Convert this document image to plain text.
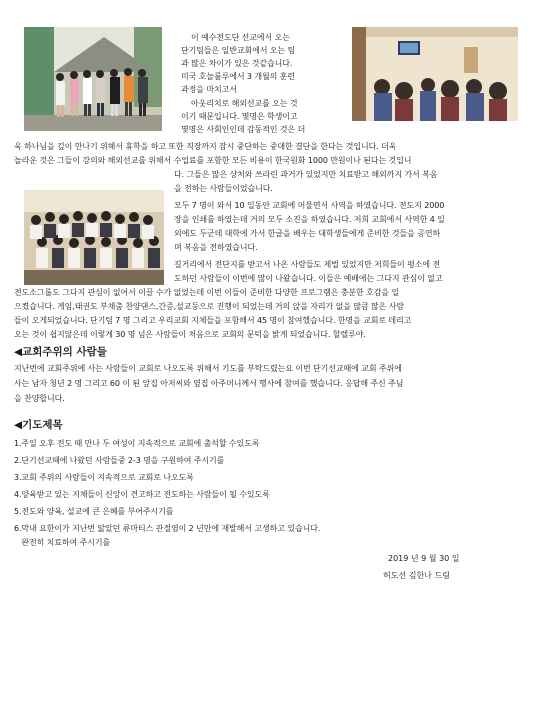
이 예수전도단 선교에서 오는
단기팀들은 일반교회에서 오는 팀
과 많은 차이가 있은 것같습니다.
미국 호놀룰루에서 3 개월의 훈련
과정을 마치고서
아웃리치로 해외선교를 오는 것
이기 때문입니다. 몇명은 학생이고
몇명은 사회인인데 감동적인 것은 더
욱 하나님을 깊이 만나기 위해서 휴학을 하고 또한 직장까지 잠시 중단하는 중대한 결단을 한다는 것입니다. 더욱
놀라운 것은 그들이 강의와 해외선교를 위해서 수업료를 포함한 모든 비용이 한국원화 1000 만원이나 된다는 것입니
다. 그들은 많은 상처와 쓰라린 과거가 있었지만 치료받고 해외까지 가서 복음
을 전하는 사람들이었습니다.
모두 7 명이 와서 10 일동안 교회에 머물면서 사역을 하였습니다. 전도지 2000
장을 인쇄를 하였는데 거의 모두 소진을 하였습니다. 저희 교회에서 사역한 4 일
외에도 두군데 대학에 가서 한글을 배우는 대학생들에게 준비한 것들을 공연하
며 복음을 전하였습니다.
길거리에서 전단지를 받고서 나온 사람들도 제법 있었지만 저희들이 평소에 전
도하던 사람들이 이번에 많이 나왔습니다. 이들은 예배에는 그다지 관심이 없고
전도소그룹도 그다지 관심이 없어서 이끌 수가 없었는데 이번 이들이 준비한 다양한 프로그램은 충분한 호감을 일
으켰습니다. 게임,태권도 부채춤 찬양댄스,간증,설교등으로 진행이 되었는데 거의 앉을 자리가 없을 많큼 많은 사람
들이 오게되었습니다. 단기팀 7 명 그리고 우리교회 지체들을 포함해서 45 명이 참여했습니다. 한명을 교회로 데리고
오는 것이 쉽지않은데 이렇게 30 명 넘은 사람들이 처음으로 교회의 문턱을 밝게 되었습니다. 할렐루야.
◀교회주위의 사람들
지난번에 교회주위에 사는 사람들이 교회로 나오도록 위해서 기도를 부탁드렸는요 이번 단기선교때에 교회 주위에
사는 남자 청년 2 명 그리고 60 이 된 앞집 아저씨와 옆집 아주머니께서 행사에 참여를 했습니다. 응답해 주신 주님
을 찬양합니다.
◀기도제목
1.주일 오후 전도 때 만나 두 여성이 지속적으로 교회에 출석할 수있도록
2.단기선교때에 나왔던 사람들중 2-3 명을 구원하여 주시기를
3.교회 주위의 사람들이 지속적으로 교회로 나오도록
4.양육받고 있는 지체들이 신앙이 견고하고 전도하는 사람들이 될 수있도록
5.전도와 양육, 설교에 큰 은혜를 부어주시기를
6.막내 요한이가 지난번 앓았던 류마티스 관절염이 2 년만에 재발해서 고생하고 있습니다.
완전히 치료하여 주시기를
2019 년 9 월 30 일
허도선 김한나 드림
